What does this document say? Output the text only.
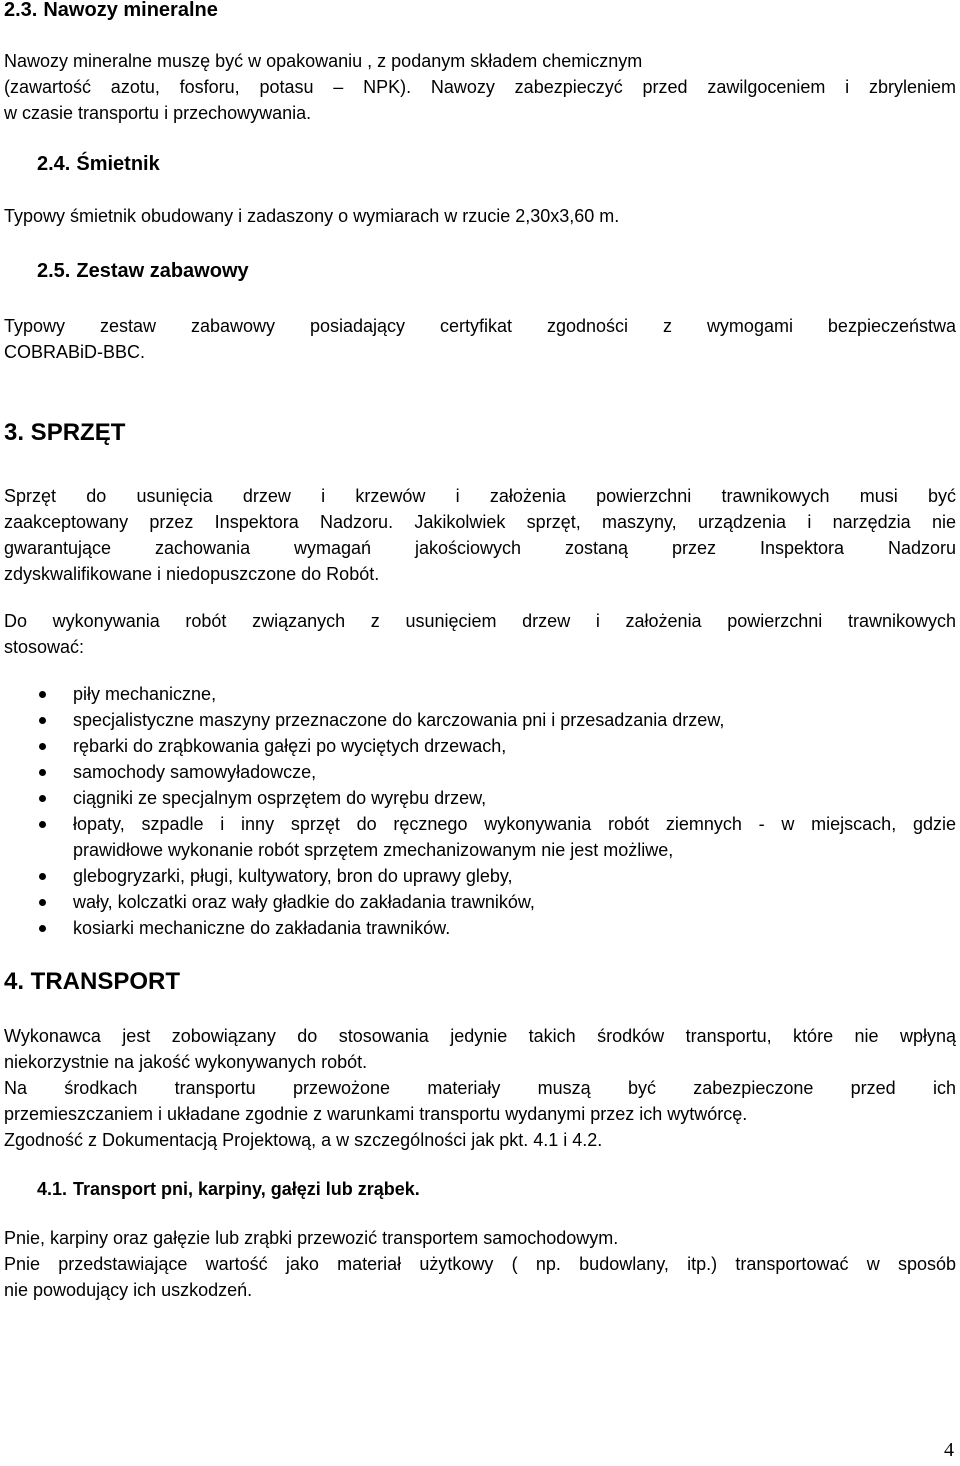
2.3. Nawozy mineralne

Nawozy mineralne muszę być w opakowaniu , z podanym składem chemicznym
(zawartość azotu, fosforu, potasu – NPK). Nawozy zabezpieczyć przed zawilgoceniem i zbryleniem
w czasie transportu i przechowywania.

2.4. Śmietnik

Typowy śmietnik obudowany i zadaszony o wymiarach w rzucie 2,30x3,60 m.

2.5. Zestaw zabawowy

Typowy zestaw zabawowy posiadający certyfikat zgodności z wymogami bezpieczeństwa
COBRABiD-BBC.

3. SPRZĘT

Sprzęt do usunięcia drzew i krzewów i założenia powierzchni trawnikowych musi być
zaakceptowany przez Inspektora Nadzoru. Jakikolwiek sprzęt, maszyny, urządzenia i narzędzia nie
gwarantujące zachowania wymagań jakościowych zostaną przez Inspektora Nadzoru
zdyskwalifikowane i niedopuszczone do Robót.

Do wykonywania robót związanych z usunięciem drzew i założenia powierzchni trawnikowych
stosować:

piły mechaniczne,
specjalistyczne maszyny przeznaczone do karczowania pni i przesadzania drzew,
rębarki do zrąbkowania gałęzi po wyciętych drzewach,
samochody samowyładowcze,
ciągniki ze specjalnym osprzętem do wyrębu drzew,
łopaty, szpadle i inny sprzęt do ręcznego wykonywania robót ziemnych - w miejscach, gdzie
prawidłowe wykonanie robót sprzętem zmechanizowanym nie jest możliwe,
glebogryzarki, pługi, kultywatory, bron do uprawy gleby,
wały, kolczatki oraz wały gładkie do zakładania trawników,
kosiarki mechaniczne do zakładania trawników.
4. TRANSPORT

Wykonawca jest zobowiązany do stosowania jedynie takich środków transportu, które nie wpłyną
niekorzystnie na jakość wykonywanych robót.
Na środkach transportu przewożone materiały muszą być zabezpieczone przed ich
przemieszczaniem i układane zgodnie z warunkami transportu wydanymi przez ich wytwórcę.
Zgodność z Dokumentacją Projektową, a w szczególności jak pkt. 4.1 i 4.2.

4.1. Transport pni, karpiny, gałęzi lub zrąbek.

Pnie, karpiny oraz gałęzie lub zrąbki przewozić transportem samochodowym.
Pnie przedstawiające wartość jako materiał użytkowy ( np. budowlany, itp.) transportować w sposób
nie powodujący ich uszkodzeń.

4
